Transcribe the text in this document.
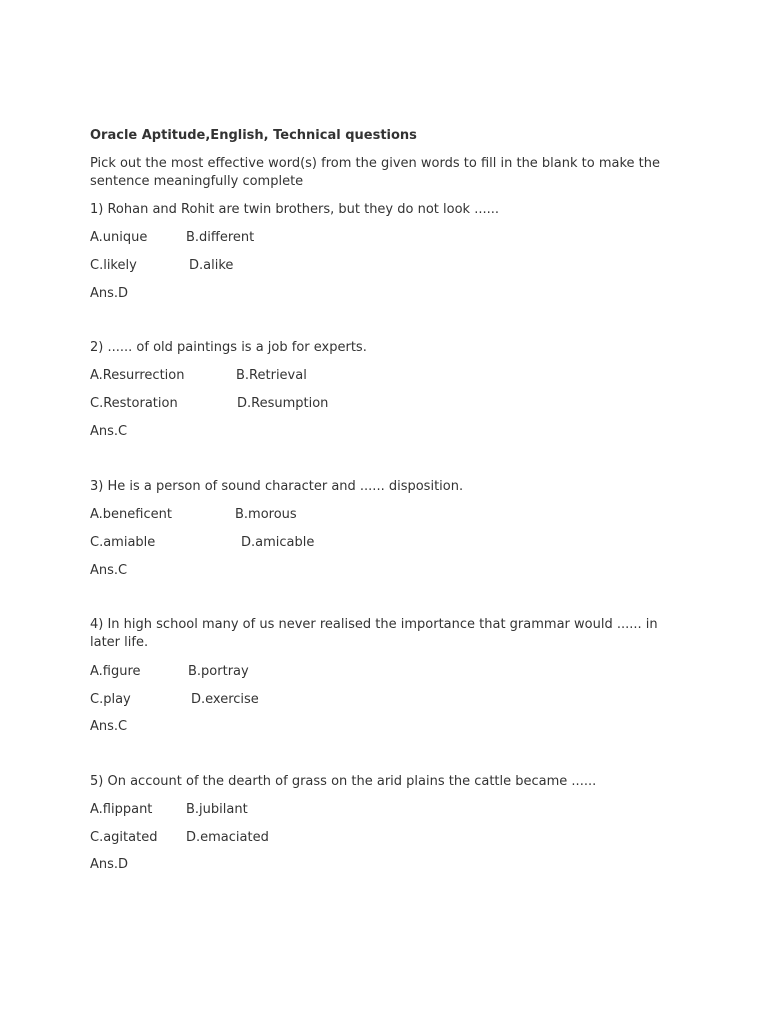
Oracle Aptitude,English, Technical questions
Pick out the most effective word(s) from the given words to fill in the blank to make the sentence meaningfully complete
1) Rohan and Rohit are twin brothers, but they do not look ......
A.unique	B.different
C.likely	D.alike
Ans.D
2) ...... of old paintings is a job for experts.
A.Resurrection	B.Retrieval
C.Restoration	D.Resumption
Ans.C
3) He is a person of sound character and ...... disposition.
A.beneficent	B.morous
C.amiable	D.amicable
Ans.C
4) In high school many of us never realised the importance that grammar would ...... in later life.
A.figure	B.portray
C.play	D.exercise
Ans.C
5) On account of the dearth of grass on the arid plains the cattle became ......
A.flippant	B.jubilant
C.agitated D.emaciated
Ans.D
